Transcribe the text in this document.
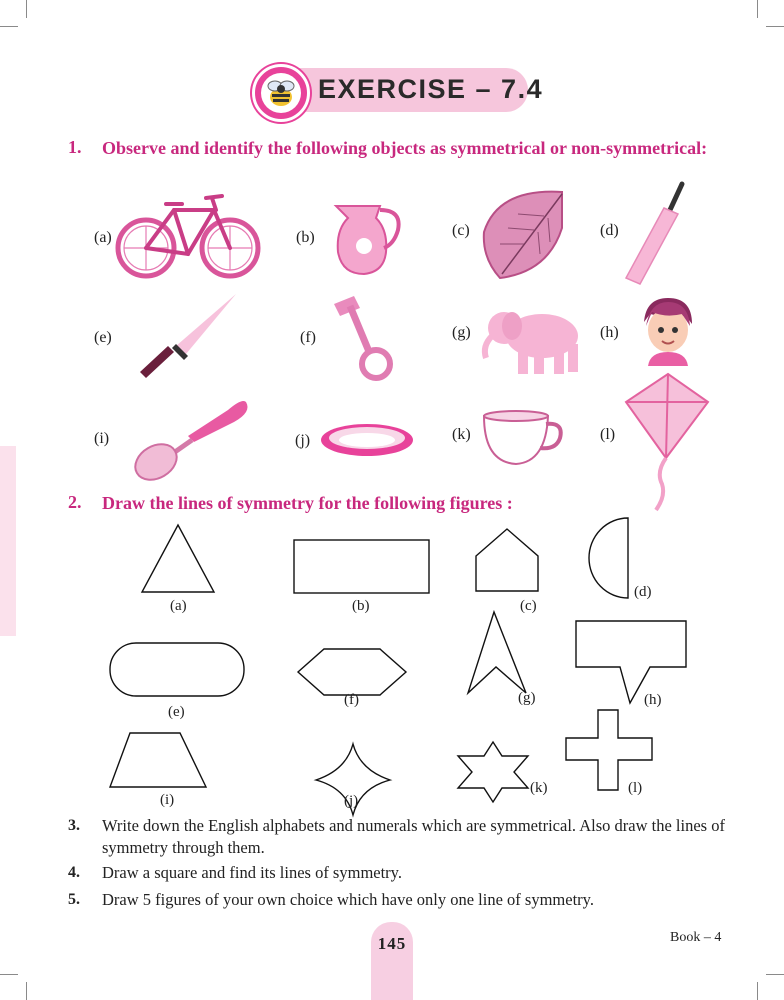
EXERCISE – 7.4
1. Observe and identify the following objects as symmetrical or non-symmetrical:
(a)	(b)	(c)	(d)
(e)	(f)	(g)	(h)
(i)	(j)	(k)	(l)
2. Draw the lines of symmetry for the following figures :
(a)	(b)	(c)
(d)
(e)
(f)	(g)	(h)
(i)	(j)
(k)	(l)
3. Write down the English alphabets and numerals which are symmetrical. Also draw the lines of symmetry through them.
4. Draw a square and find its lines of symmetry.
5. Draw 5 figures of your own choice which have only one line of symmetry.
145	Book – 4
